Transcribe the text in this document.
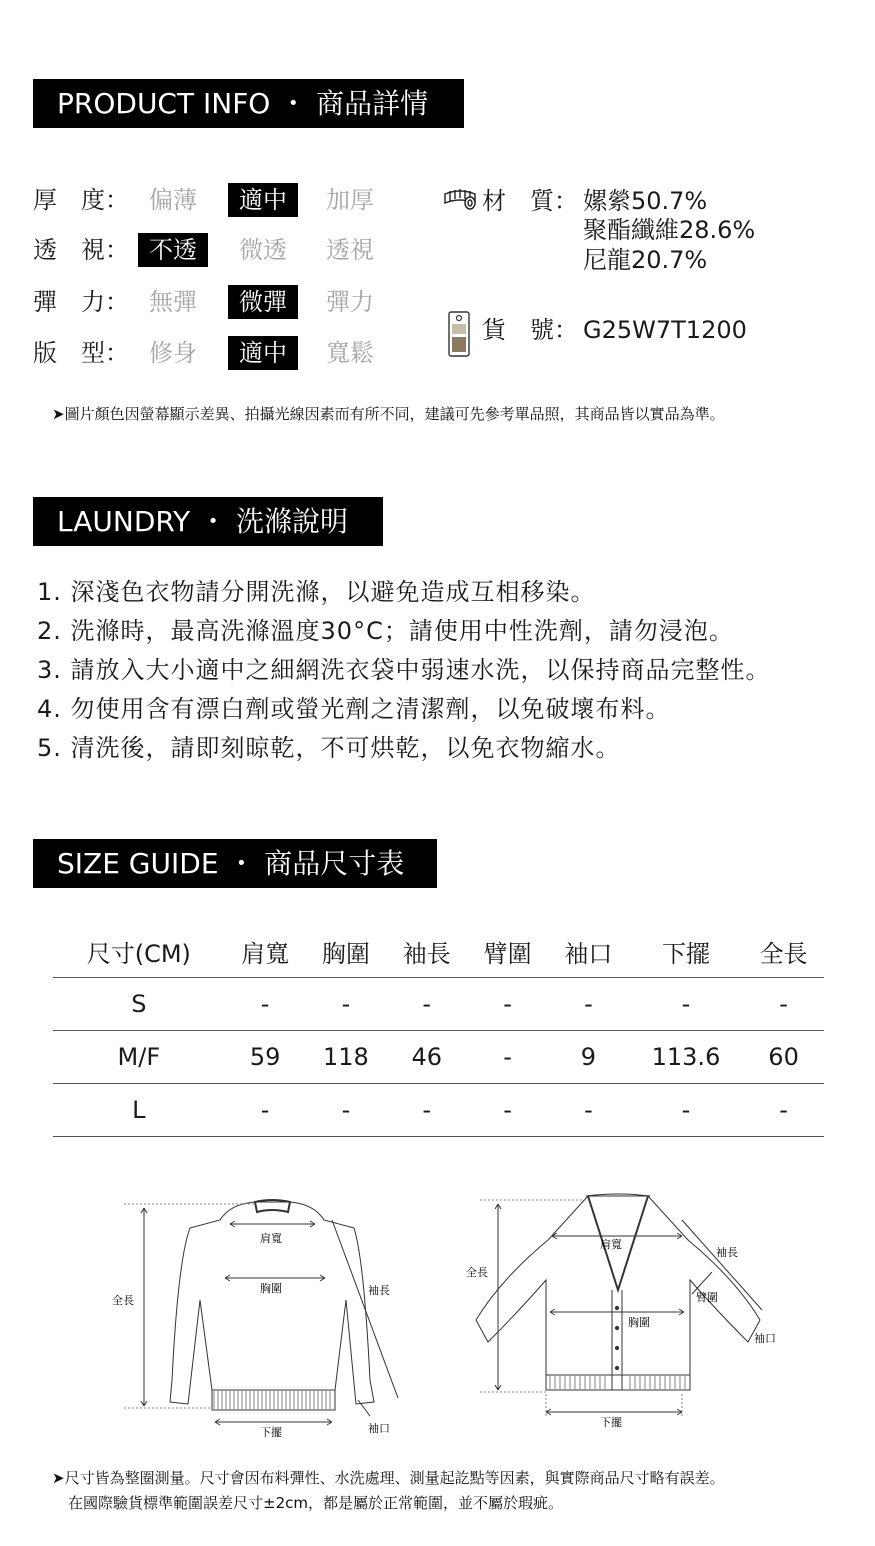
PRODUCT INFO ・ 商品詳情
厚　度： 偏薄	適中	加厚
透　視： 不透	微透	透視
彈　力： 無彈	微彈	彈力
版　型： 修身	適中	寬鬆
材　質： 嫘縈50.7%
聚酯纖維28.6%
尼龍20.7%
貨　號： G25W7T1200
➤圖片顏色因螢幕顯示差異、拍攝光線因素而有所不同，建議可先參考單品照，其商品皆以實品為準。
LAUNDRY ・ 洗滌說明
1. 深淺色衣物請分開洗滌，以避免造成互相移染。
2. 洗滌時，最高洗滌溫度30°C；請使用中性洗劑，請勿浸泡。
3. 請放入大小適中之細網洗衣袋中弱速水洗，以保持商品完整性。
4. 勿使用含有漂白劑或螢光劑之清潔劑，以免破壞布料。
5. 清洗後，請即刻晾乾，不可烘乾，以免衣物縮水。
SIZE GUIDE ・ 商品尺寸表
尺寸(CM)	肩寬	胸圍	袖長	臂圍	袖口	下擺	全長
S	-	-	-	-	-	-	-
M/F	59	118	46	-	9	113.6	60
L	-	-	-	-	-	-	-
肩寬
胸圍	袖長
全長
下擺	袖口
肩寬
胸圍
袖長
臂圍
全長
下擺
袖口
➤尺寸皆為整圈測量。尺寸會因布料彈性、水洗處理、測量起訖點等因素，與實際商品尺寸略有誤差。
在國際驗貨標準範圍誤差尺寸±2cm，都是屬於正常範圍，並不屬於瑕疵。
